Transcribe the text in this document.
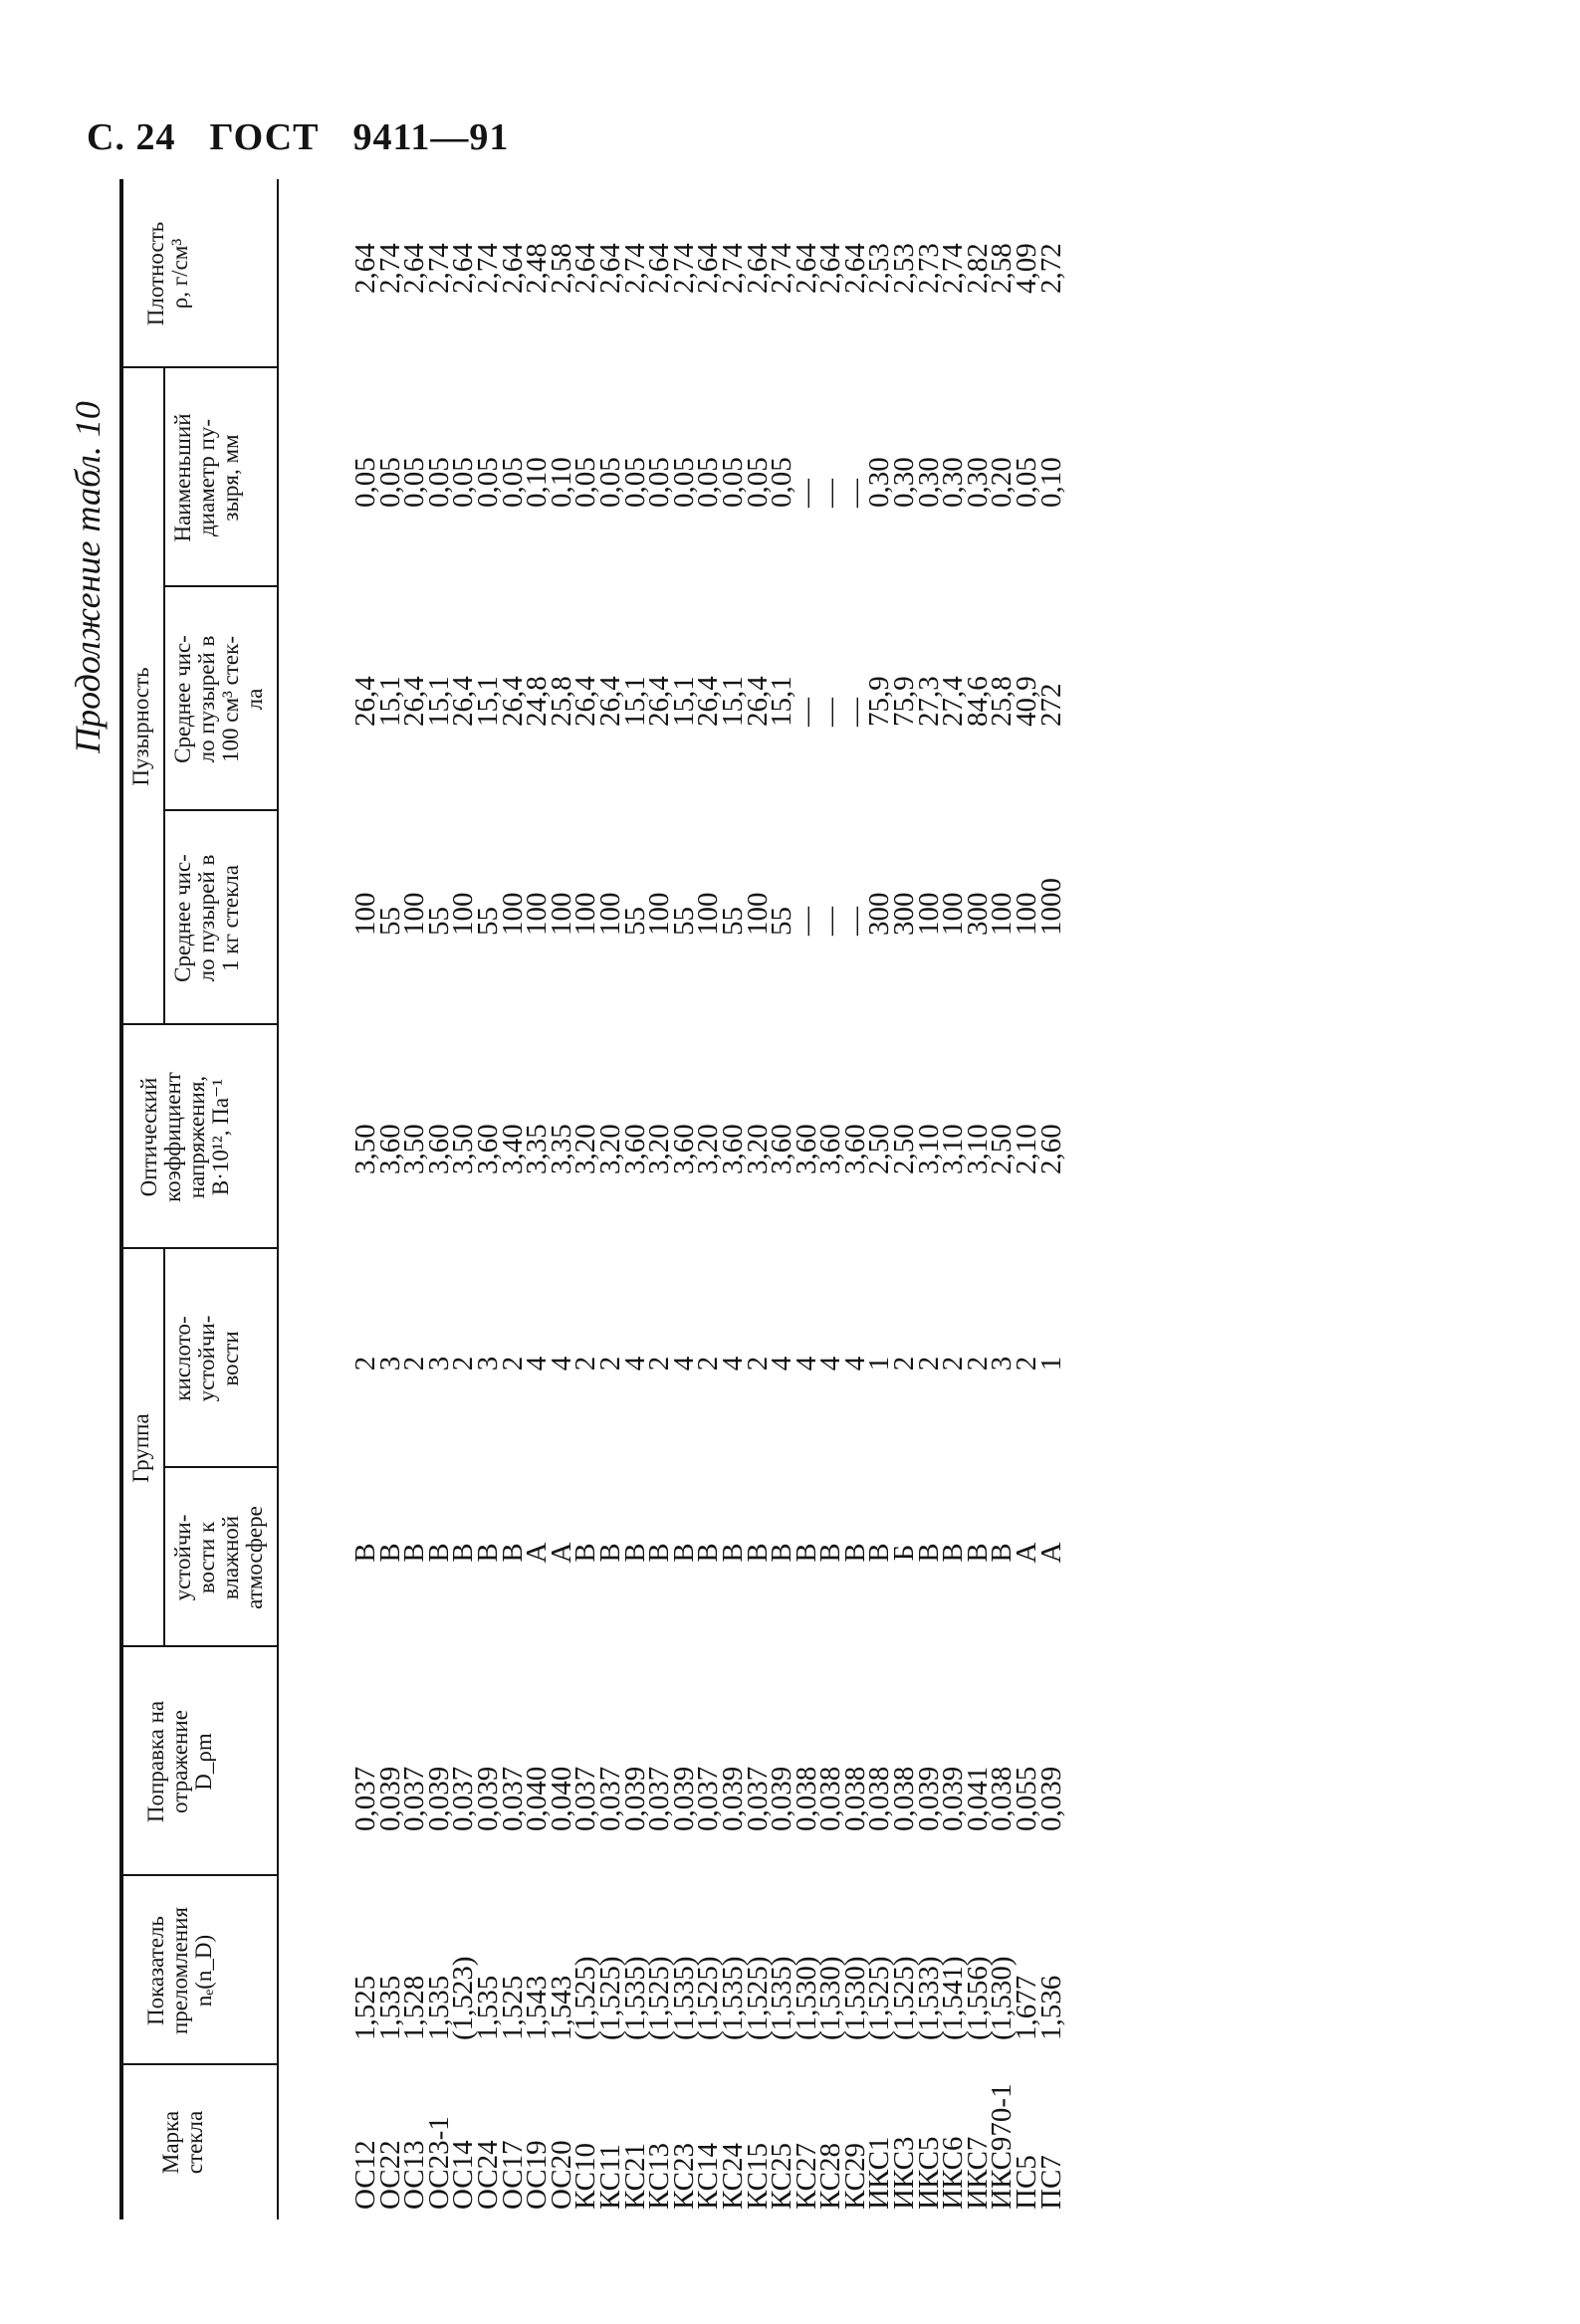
С. 24 ГОСТ 9411—91

Продолжение табл. 10
Марка
стекла
Показатель
преломления
nₑ(n_D)
Поправка на
отражение
D_ρm
Группа
устойчи-
вости к
влажной
атмосфере
кислото-
устойчи-
вости
Оптический
коэффициент
напряжения,
B·10¹², Па⁻¹
Пузырность
Среднее чис-
ло пузырей в
1 кг стекла
Среднее чис-
ло пузырей в
100 см³ стек-
ла
Наименьший
диаметр пу-
зыря, мм
Плотность
ρ, г/см³
ОС12
ОС22
ОС13
ОС23-1
ОС14
ОС24
ОС17
ОС19
ОС20
КС10
КС11
КС21
КС13
КС23
КС14
КС24
КС15
КС25
КС27
КС28
КС29
ИКС1
ИКС3
ИКС5
ИКС6
ИКС7
ИКС970-1
ПС5
ПС7
1,525
1,535
1,528
1,535
(1,523)
1,535
1,525
1,543
1,543
(1,525)
(1,525)
(1,535)
(1,525)
(1,535)
(1,525)
(1,535)
(1,525)
(1,535)
(1,530)
(1,530)
(1,530)
(1,525)
(1,525)
(1,533)
(1,541)
(1,556)
(1,530)
1,677
1,536
0,037
0,039
0,037
0,039
0,037
0,039
0,037
0,040
0,040
0,037
0,037
0,039
0,037
0,039
0,037
0,039
0,037
0,039
0,038
0,038
0,038
0,038
0,038
0,039
0,039
0,041
0,038
0,055
0,039
В
В
В
В
В
В
В
А
А
В
В
В
В
В
В
В
В
В
В
В
В
В
Б
В
В
В
В
А
А
2
3
2
3
2
3
2
4
4
2
2
4
2
4
2
4
2
4
4
4
4
1
2
2
2
2
3
2
1
3,50
3,60
3,50
3,60
3,50
3,60
3,40
3,35
3,35
3,20
3,20
3,60
3,20
3,60
3,20
3,60
3,20
3,60
3,60
3,60
3,60
2,50
2,50
3,10
3,10
3,10
2,50
2,10
2,60
100
55
100
55
100
55
100
100
100
100
100
55
100
55
100
55
100
55
—
—
—
300
300
100
100
300
100
100
1000
26,4
15,1
26,4
15,1
26,4
15,1
26,4
24,8
25,8
26,4
26,4
15,1
26,4
15,1
26,4
15,1
26,4
15,1
—
—
—
75,9
75,9
27,3
27,4
84,6
25,8
40,9
272
0,05
0,05
0,05
0,05
0,05
0,05
0,05
0,10
0,10
0,05
0,05
0,05
0,05
0,05
0,05
0,05
0,05
0,05
—
—
—
0,30
0,30
0,30
0,30
0,30
0,20
0,05
0,10
2,64
2,74
2,64
2,74
2,64
2,74
2,64
2,48
2,58
2,64
2,64
2,74
2,64
2,74
2,64
2,74
2,64
2,74
2,64
2,64
2,64
2,53
2,53
2,73
2,74
2,82
2,58
4,09
2,72
